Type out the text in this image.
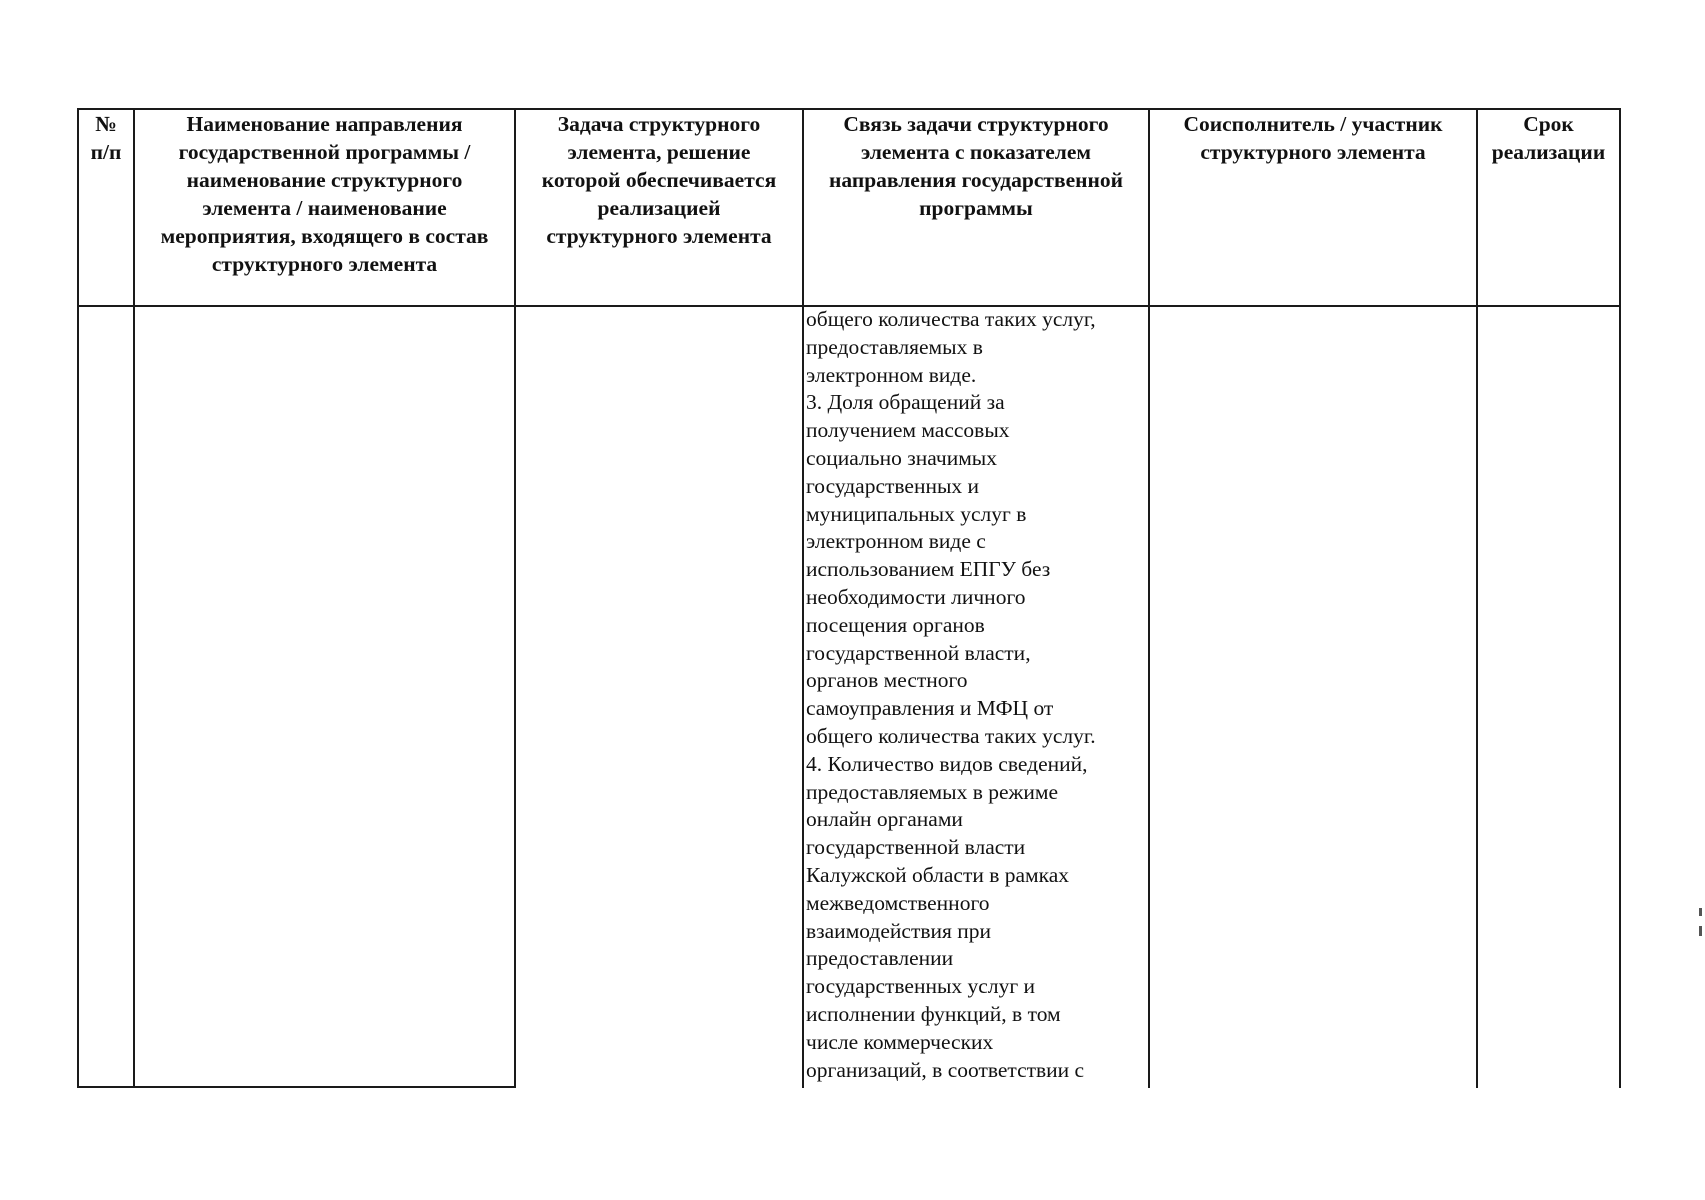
№
п/п
Наименование направления
государственной программы /
наименование структурного
элемента / наименование
мероприятия, входящего в состав
структурного элемента
Задача структурного
элемента, решение
которой обеспечивается
реализацией
структурного элемента
Связь задачи структурного
элемента с показателем
направления государственной
программы
Соисполнитель / участник
структурного элемента
Срок
реализации
общего количества таких услуг,
предоставляемых в
электронном виде.
3. Доля обращений за
получением массовых
социально значимых
государственных и
муниципальных услуг в
электронном виде с
использованием ЕПГУ без
необходимости личного
посещения органов
государственной власти,
органов местного
самоуправления и МФЦ от
общего количества таких услуг.
4. Количество видов сведений,
предоставляемых в режиме
онлайн органами
государственной власти
Калужской области в рамках
межведомственного
взаимодействия при
предоставлении
государственных услуг и
исполнении функций, в том
числе коммерческих
организаций, в соответствии с
